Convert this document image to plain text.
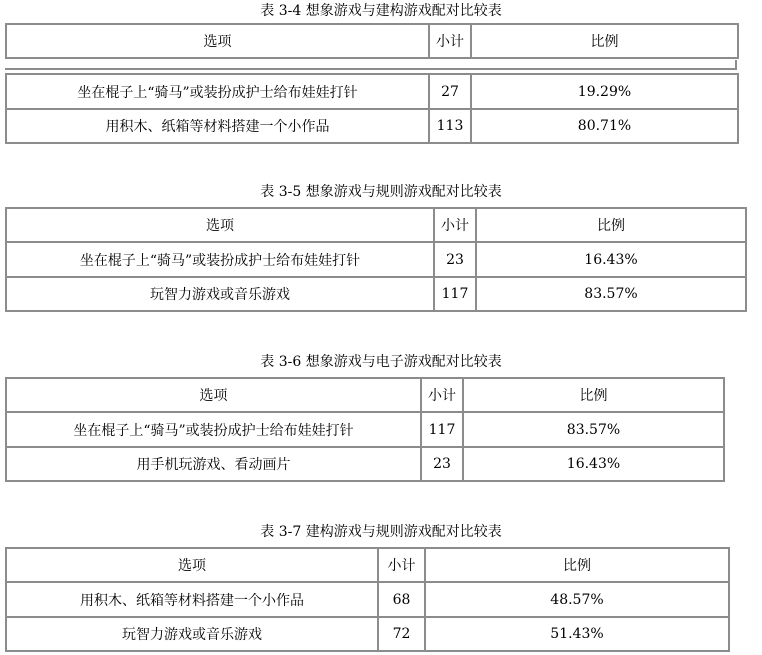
表 3-4 想象游戏与建构游戏配对比较表
选项	小计	比例
坐在棍子上“骑马”或装扮成护士给布娃娃打针	27	19.29%
用积木、纸箱等材料搭建一个小作品	113	80.71%
表 3-5 想象游戏与规则游戏配对比较表
选项	小计	比例
坐在棍子上“骑马”或装扮成护士给布娃娃打针	23	16.43%
玩智力游戏或音乐游戏	117	83.57%
表 3-6 想象游戏与电子游戏配对比较表
选项	小计	比例
坐在棍子上“骑马”或装扮成护士给布娃娃打针	117	83.57%
用手机玩游戏、看动画片	23	16.43%
表 3-7 建构游戏与规则游戏配对比较表
选项	小计	比例
用积木、纸箱等材料搭建一个小作品	68	48.57%
玩智力游戏或音乐游戏	72	51.43%
